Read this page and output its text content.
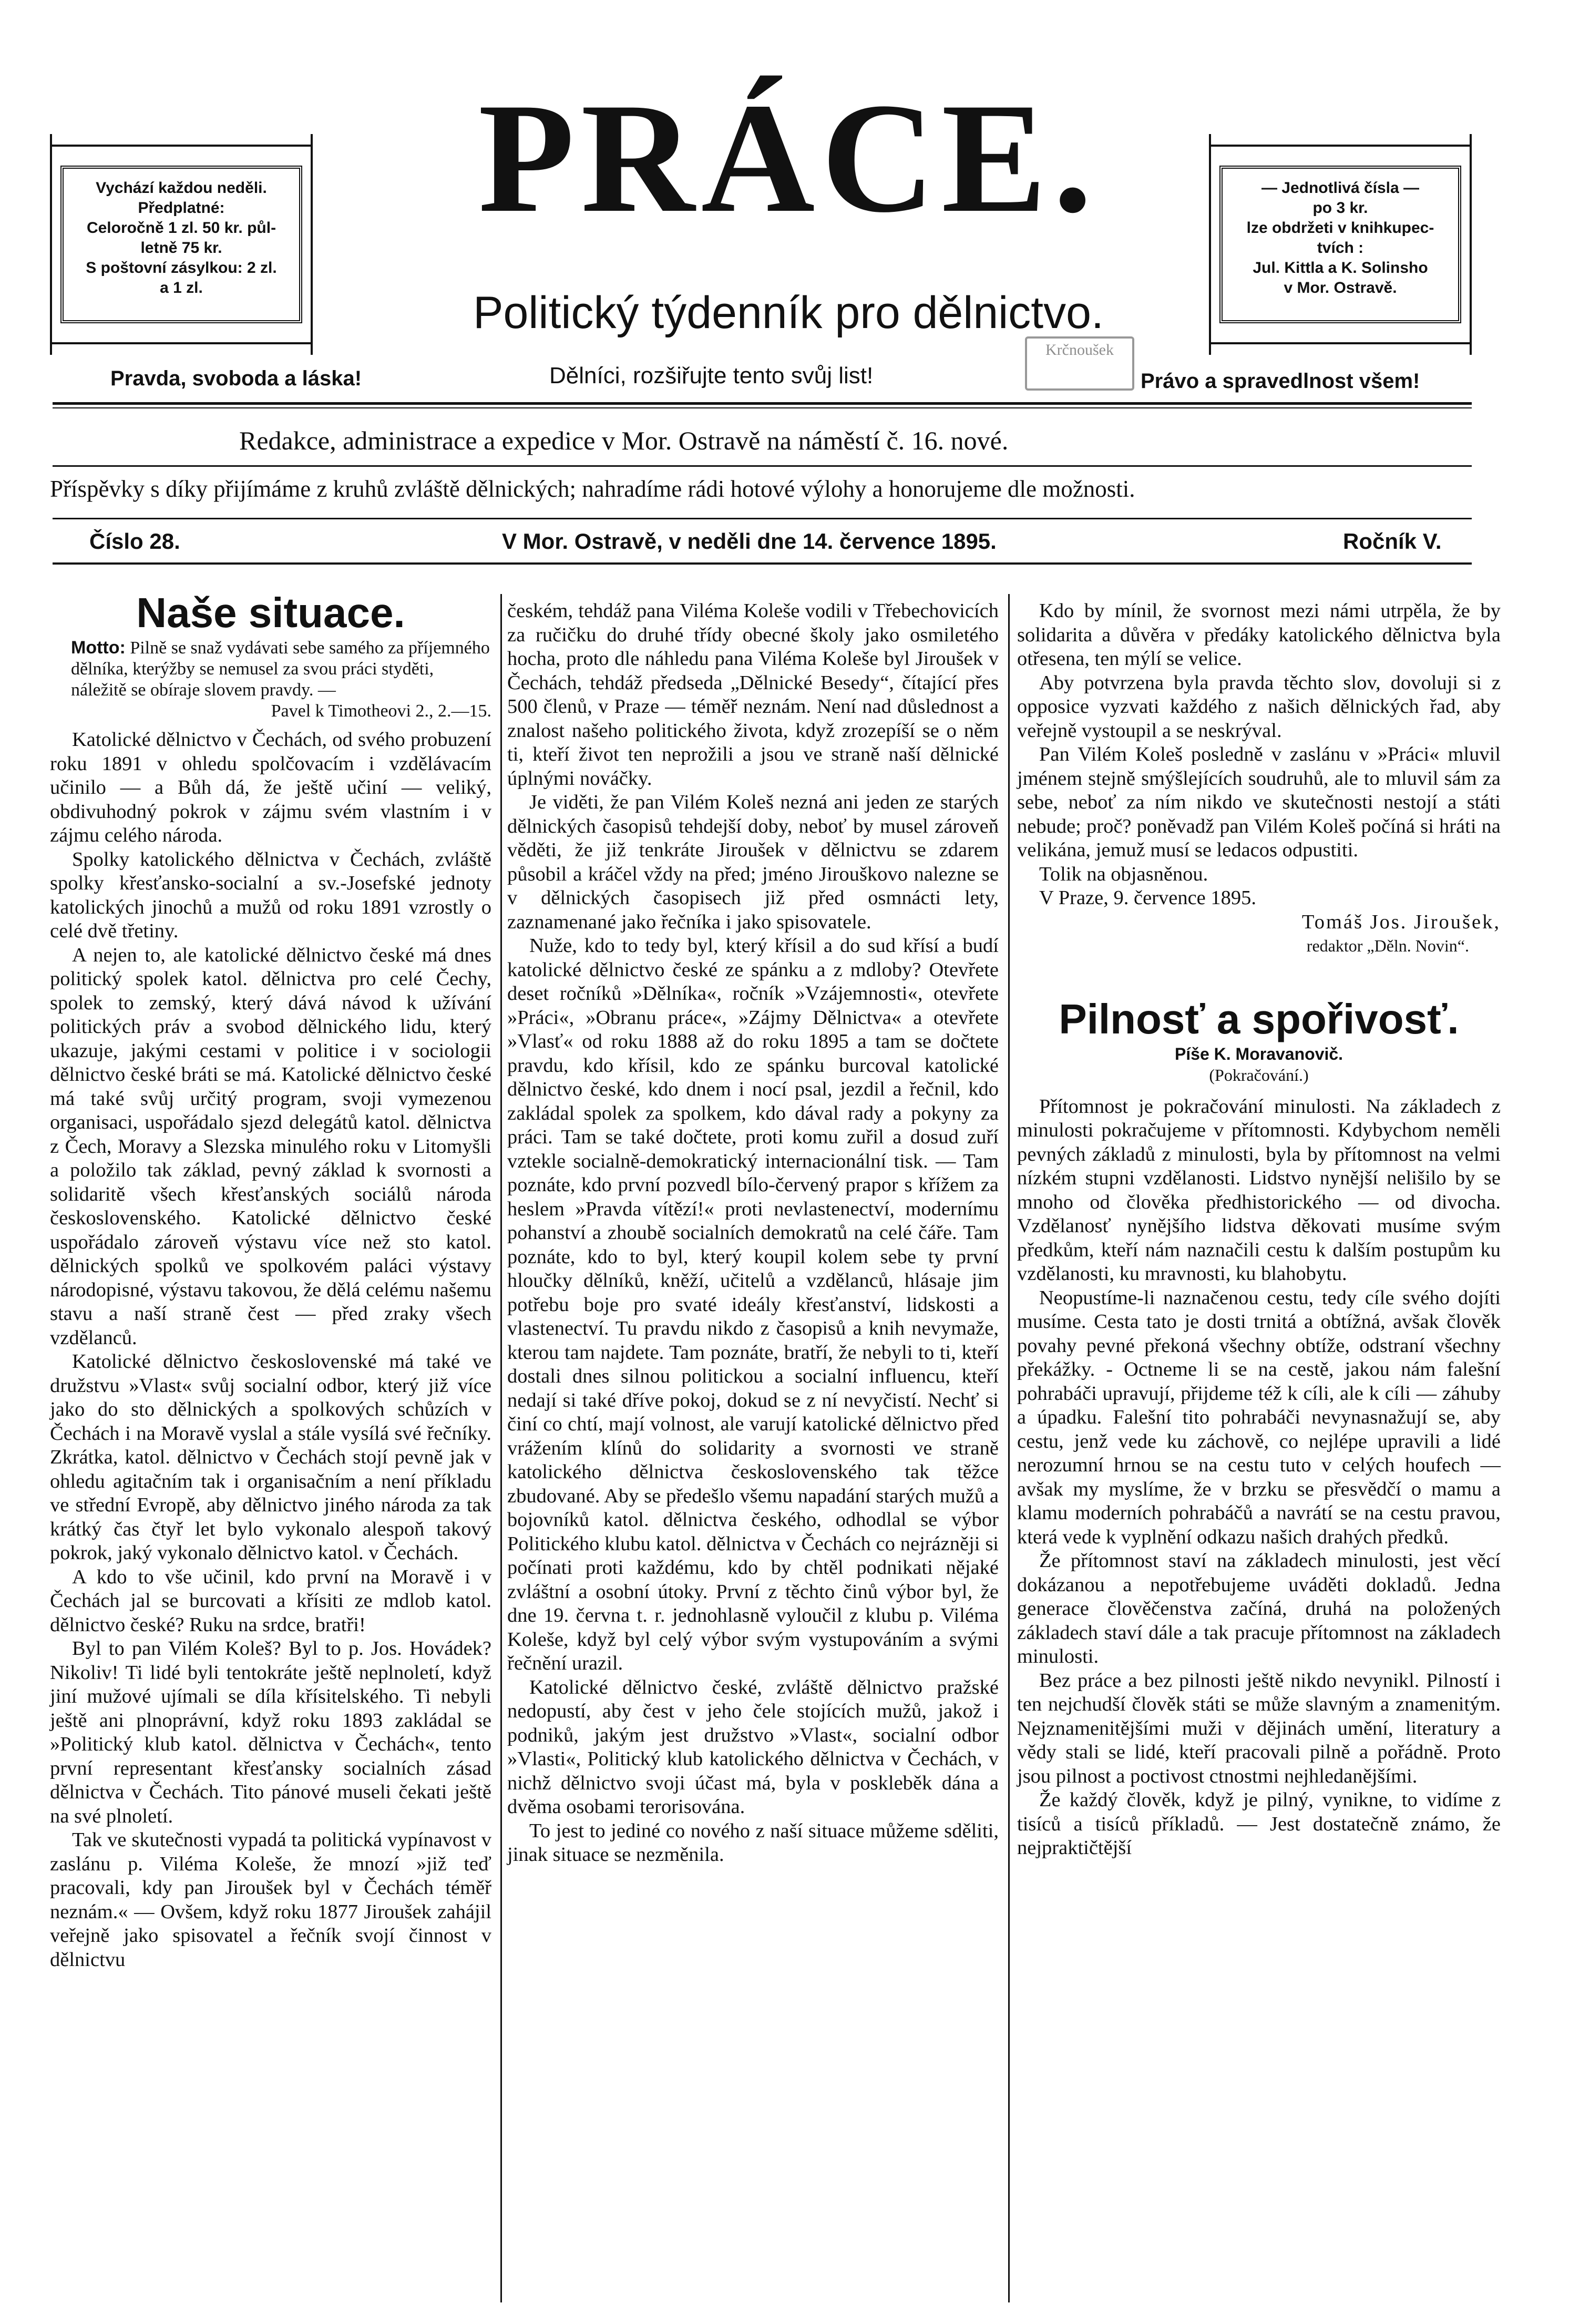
Vychází každou neděli.
Předplatné:
Celoročně 1 zl. 50 kr. půl-
letně 75 kr.
S poštovní zásylkou: 2 zl.
a 1 zl.
— Jednotlivá čísla —
po 3 kr.
lze obdržeti v knihkupec-
tvích :
Jul. Kittla a K. Solinsho
v Mor. Ostravě.
PRÁCE.
Politický týdenník pro dělnictvo.
Pravda, svoboda a láska!	Dělníci, rozšiřujte tento svůj list!	Právo a spravedlnost všem!
Krčnoušek
Redakce, administrace a expedice v Mor. Ostravě na náměstí č. 16. nové.
Příspěvky s díky přijímáme z kruhů zvláště dělnických; nahradíme rádi hotové výlohy a honorujeme dle možnosti.
Číslo 28.	V Mor. Ostravě, v neděli dne 14. července 1895.	Ročník V.
Naše situace.
Motto: Pilně se snaž vydávati sebe samého za příjemného dělníka, kterýžby se nemusel za svou práci styděti, náležitě se obíraje slovem pravdy. —
Pavel k Timotheovi 2., 2.—15.

Katolické dělnictvo v Čechách, od svého probuzení roku 1891 v ohledu spolčovacím i vzdělávacím učinilo — a Bůh dá, že ještě učiní — veliký, obdivuhodný pokrok v zájmu svém vlastním i v zájmu celého národa.

Spolky katolického dělnictva v Čechách, zvláště spolky křesťansko-socialní a sv.-Josefské jednoty katolických jinochů a mužů od roku 1891 vzrostly o celé dvě třetiny.

A nejen to, ale katolické dělnictvo české má dnes politický spolek katol. dělnictva pro celé Čechy, spolek to zemský, který dává návod k užívání politických práv a svobod dělnického lidu, který ukazuje, jakými cestami v politice i v sociologii dělnictvo české bráti se má. Katolické dělnictvo české má také svůj určitý program, svoji vymezenou organisaci, uspořádalo sjezd delegátů katol. dělnictva z Čech, Moravy a Slezska minulého roku v Litomyšli a položilo tak základ, pevný základ k svornosti a solidaritě všech křesťanských sociálů národa československého. Katolické dělnictvo české uspořádalo zároveň výstavu více než sto katol. dělnických spolků ve spolkovém paláci výstavy národopisné, výstavu takovou, že dělá celému našemu stavu a naší straně čest — před zraky všech vzdělanců.

Katolické dělnictvo československé má také ve družstvu »Vlast« svůj socialní odbor, který již více jako do sto dělnických a spolkových schůzích v Čechách i na Moravě vyslal a stále vysílá své řečníky. Zkrátka, katol. dělnictvo v Čechách stojí pevně jak v ohledu agitačním tak i organisačním a není příkladu ve střední Evropě, aby dělnictvo jiného národa za tak krátký čas čtyř let bylo vykonalo alespoň takový pokrok, jaký vykonalo dělnictvo katol. v Čechách.

A kdo to vše učinil, kdo první na Moravě i v Čechách jal se burcovati a křísiti ze mdlob katol. dělnictvo české? Ruku na srdce, bratři!

Byl to pan Vilém Koleš? Byl to p. Jos. Hovádek? Nikoliv! Ti lidé byli tentokráte ještě neplnoletí, když jiní mužové ujímali se díla křísitelského. Ti nebyli ještě ani plnoprávní, když roku 1893 zakládal se »Politický klub katol. dělnictva v Čechách«, tento první representant křesťansky socialních zásad dělnictva v Čechách. Tito pánové museli čekati ještě na své plnoletí.

Tak ve skutečnosti vypadá ta politická vypínavost v zaslánu p. Viléma Koleše, že mnozí »již teď pracovali, kdy pan Jiroušek byl v Čechách téměř neznám.« — Ovšem, když roku 1877 Jiroušek zahájil veřejně jako spisovatel a řečník svojí činnost v dělnictvu

českém, tehdáž pana Viléma Koleše vodili v Třebechovicích za ručičku do druhé třídy obecné školy jako osmiletého hocha, proto dle náhledu pana Viléma Koleše byl Jiroušek v Čechách, tehdáž předseda „Dělnické Besedy“, čítající přes 500 členů, v Praze — téměř neznám. Není nad důslednost a znalost našeho politického života, když zrozepíší se o něm ti, kteří život ten neprožili a jsou ve straně naší dělnické úplnými nováčky.

Je viděti, že pan Vilém Koleš nezná ani jeden ze starých dělnických časopisů tehdejší doby, neboť by musel zároveň věděti, že již tenkráte Jiroušek v dělnictvu se zdarem působil a kráčel vždy na před; jméno Jirouškovo nalezne se v dělnických časopisech již před osmnácti lety, zaznamenané jako řečníka i jako spisovatele.

Nuže, kdo to tedy byl, který křísil a do sud křísí a budí katolické dělnictvo české ze spánku a z mdloby? Otevřete deset ročníků »Dělníka«, ročník »Vzájemnosti«, otevřete »Práci«, »Obranu práce«, »Zájmy Dělnictva« a otevřete »Vlasť« od roku 1888 až do roku 1895 a tam se dočtete pravdu, kdo křísil, kdo ze spánku burcoval katolické dělnictvo české, kdo dnem i nocí psal, jezdil a řečnil, kdo zakládal spolek za spolkem, kdo dával rady a pokyny za práci. Tam se také dočtete, proti komu zuřil a dosud zuří vztekle socialně-demokratický internacionální tisk. — Tam poznáte, kdo první pozvedl bílo-červený prapor s křížem za heslem »Pravda vítězí!« proti nevlastenectví, modernímu pohanství a zhoubě socialních demokratů na celé čáře. Tam poznáte, kdo to byl, který koupil kolem sebe ty první hloučky dělníků, kněží, učitelů a vzdělanců, hlásaje jim potřebu boje pro svaté ideály křesťanství, lidskosti a vlastenectví. Tu pravdu nikdo z časopisů a knih nevymaže, kterou tam najdete. Tam poznáte, bratří, že nebyli to ti, kteří dostali dnes silnou politickou a socialní influencu, kteří nedají si také dříve pokoj, dokud se z ní nevyčistí. Nechť si činí co chtí, mají volnost, ale varují katolické dělnictvo před vrážením klínů do solidarity a svornosti ve straně katolického dělnictva československého tak těžce zbudované. Aby se předešlo všemu napadání starých mužů a bojovníků katol. dělnictva českého, odhodlal se výbor Politického klubu katol. dělnictva v Čechách co nejrázněji si počínati proti každému, kdo by chtěl podnikati nějaké zvláštní a osobní útoky. První z těchto činů výbor byl, že dne 19. června t. r. jednohlasně vyloučil z klubu p. Viléma Koleše, když byl celý výbor svým vystupováním a svými řečnění urazil.

Katolické dělnictvo české, zvláště dělnictvo pražské nedopustí, aby čest v jeho čele stojících mužů, jakož i podniků, jakým jest družstvo »Vlast«, socialní odbor »Vlasti«, Politický klub katolického dělnictva v Čechách, v nichž dělnictvo svoji účast má, byla v poskleběk dána a dvěma osobami terorisována.

To jest to jediné co nového z naší situace můžeme sděliti, jinak situace se nezměnila.

Kdo by mínil, že svornost mezi námi utrpěla, že by solidarita a důvěra v předáky katolického dělnictva byla otřesena, ten mýlí se velice.

Aby potvrzena byla pravda těchto slov, dovoluji si z opposice vyzvati každého z našich dělnických řad, aby veřejně vystoupil a se neskrýval.

Pan Vilém Koleš posledně v zaslánu v »Práci« mluvil jménem stejně smýšlejících soudruhů, ale to mluvil sám za sebe, neboť za ním nikdo ve skutečnosti nestojí a státi nebude; proč? poněvadž pan Vilém Koleš počíná si hráti na velikána, jemuž musí se ledacos odpustiti.

Tolik na objasněnou.

V Praze, 9. července 1895.

Tomáš Jos. Jiroušek,
redaktor „Děln. Novin“.
Pilnosť a spořivosť.
Píše K. Moravanovič.
(Pokračování.)

Přítomnost je pokračování minulosti. Na základech z minulosti pokračujeme v přítomnosti. Kdybychom neměli pevných základů z minulosti, byla by přítomnost na velmi nízkém stupni vzdělanosti. Lidstvo nynější nelišilo by se mnoho od člověka předhistorického — od divocha. Vzdělanosť nynějšího lidstva děkovati musíme svým předkům, kteří nám naznačili cestu k dalším postupům ku vzdělanosti, ku mravnosti, ku blahobytu.

Neopustíme-li naznačenou cestu, tedy cíle svého dojíti musíme. Cesta tato je dosti trnitá a obtížná, avšak člověk povahy pevné překoná všechny obtíže, odstraní všechny překážky. - Octneme li se na cestě, jakou nám falešní pohrabáči upravují, přijdeme též k cíli, ale k cíli — záhuby a úpadku. Falešní tito pohrabáči nevynasnažují se, aby cestu, jenž vede ku záchově, co nejlépe upravili a lidé nerozumní hrnou se na cestu tuto v celých houfech — avšak my myslíme, že v brzku se přesvědčí o mamu a klamu moderních pohrabáčů a navrátí se na cestu pravou, která vede k vyplnění odkazu našich drahých předků.

Že přítomnost staví na základech minulosti, jest věcí dokázanou a nepotřebujeme uváděti dokladů. Jedna generace člověčenstva začíná, druhá na položených základech staví dále a tak pracuje přítomnost na základech minulosti.

Bez práce a bez pilnosti ještě nikdo nevynikl. Pilností i ten nejchudší člověk státi se může slavným a znamenitým. Nejznamenitějšími muži v dějinách umění, literatury a vědy stali se lidé, kteří pracovali pilně a pořádně. Proto jsou pilnost a poctivost ctnostmi nejhledanějšími.

Že každý člověk, když je pilný, vynikne, to vidíme z tisíců a tisíců příkladů. — Jest dostatečně známo, že nejpraktičtější
